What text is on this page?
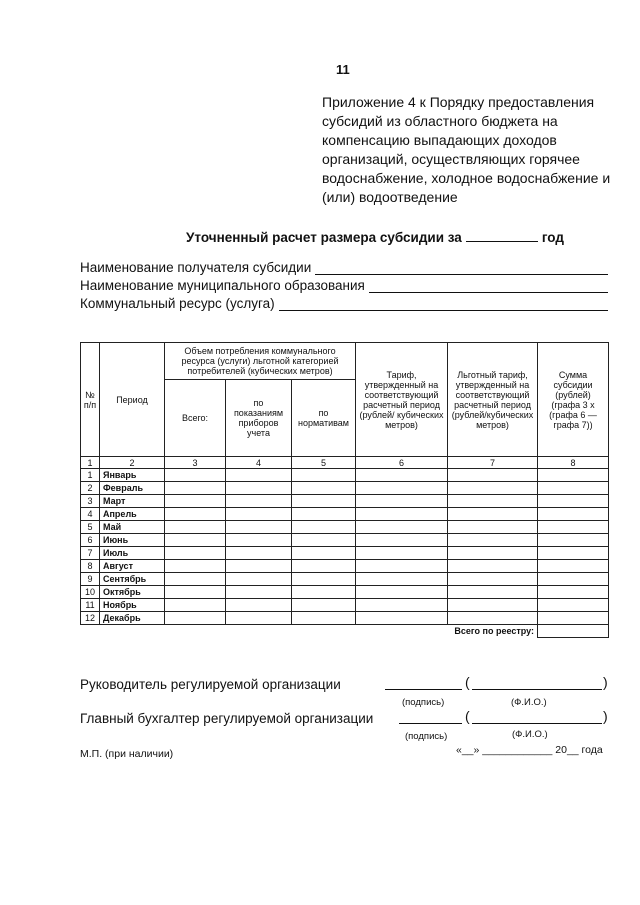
11
Приложение 4 к Порядку предоставления субсидий из областного бюджета на компенсацию выпадающих доходов организаций, осуществляющих горячее водоснабжение, холодное водоснабжение и (или) водоотведение
Уточненный расчет размера субсидии за	год
Наименование получателя субсидии
Наименование муниципального образования
Коммунальный ресурс (услуга)
№ п/п	Период	Объем потребления коммунального ресурса (услуги) льготной категорией потребителей (кубических метров)			Тариф, утвержденный на соответствующий расчетный период (рублей/ кубических метров)	Льготный тариф, утвержденный на соответствующий расчетный период (рублей/кубических метров)	Сумма субсидии (рублей) (графа 3 х (графа 6 — графа 7))
		Всего:	по показаниям приборов учета	по нормативам			
1	2	3	4	5	6	7	8
1	Январь						
2	Февраль						
3	Март						
4	Апрель						
5	Май						
6	Июнь						
7	Июль						
8	Август						
9	Сентябрь						
10	Октябрь						
11	Ноябрь						
12	Декабрь						
Всего по реестру:							
Руководитель регулируемой организации	(	)
(подпись)	(Ф.И.О.)
Главный бухгалтер регулируемой организации	(	)
(подпись)	(Ф.И.О.)
М.П. (при наличии)	«__» ____________ 20__ года
